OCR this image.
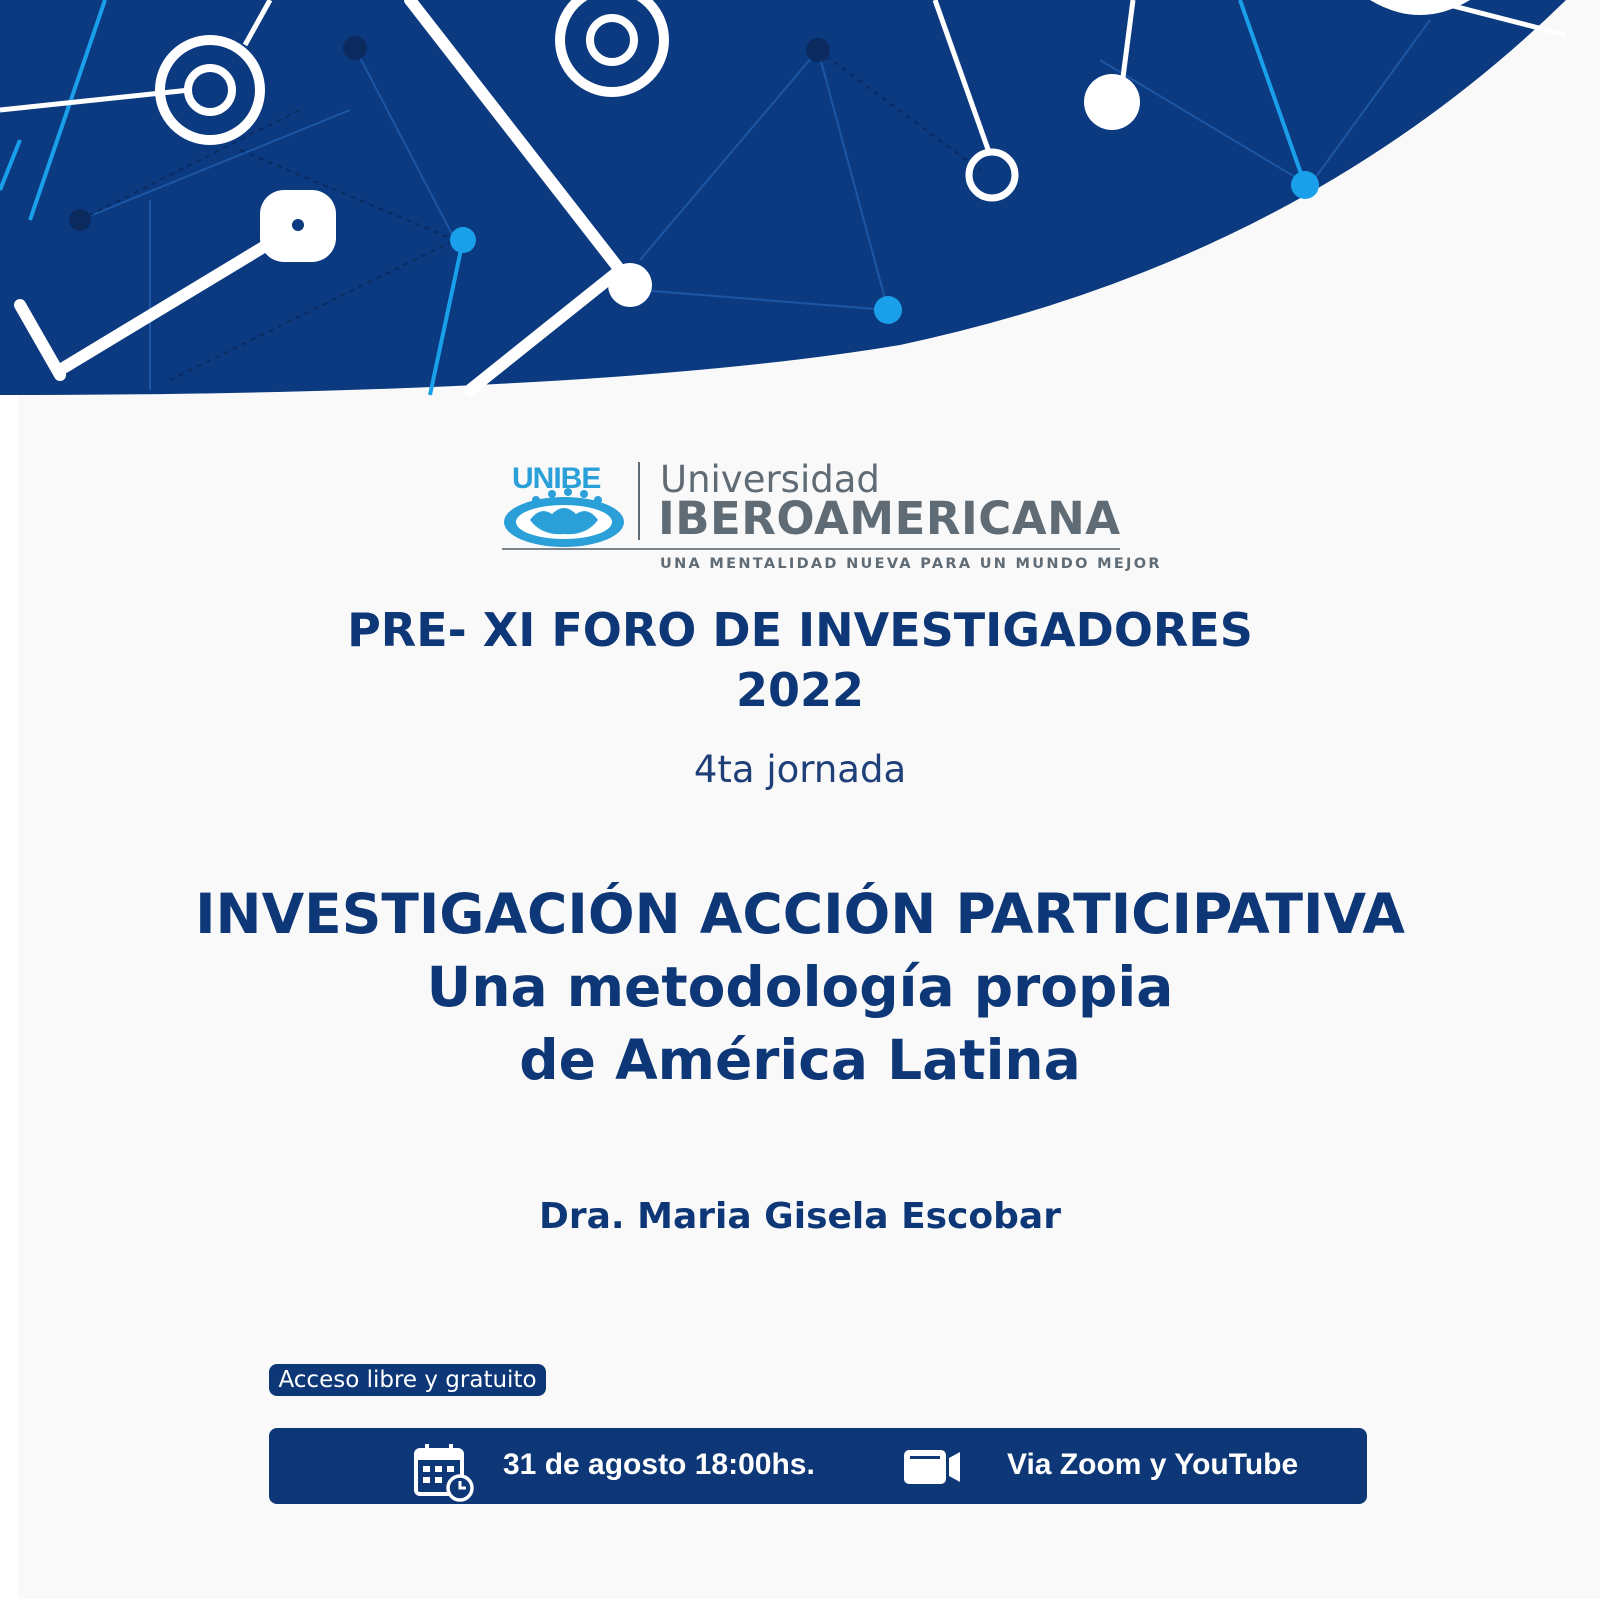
UNIBE Universidad
IBEROAMERICANA
UNA MENTALIDAD NUEVA PARA UN MUNDO MEJOR
PRE- XI FORO DE INVESTIGADORES
2022
4ta jornada
INVESTIGACIÓN ACCIÓN PARTICIPATIVA
Una metodología propia
de América Latina
Dra. Maria Gisela Escobar
Acceso libre y gratuito
31 de agosto 18:00hs.	Via Zoom y YouTube
